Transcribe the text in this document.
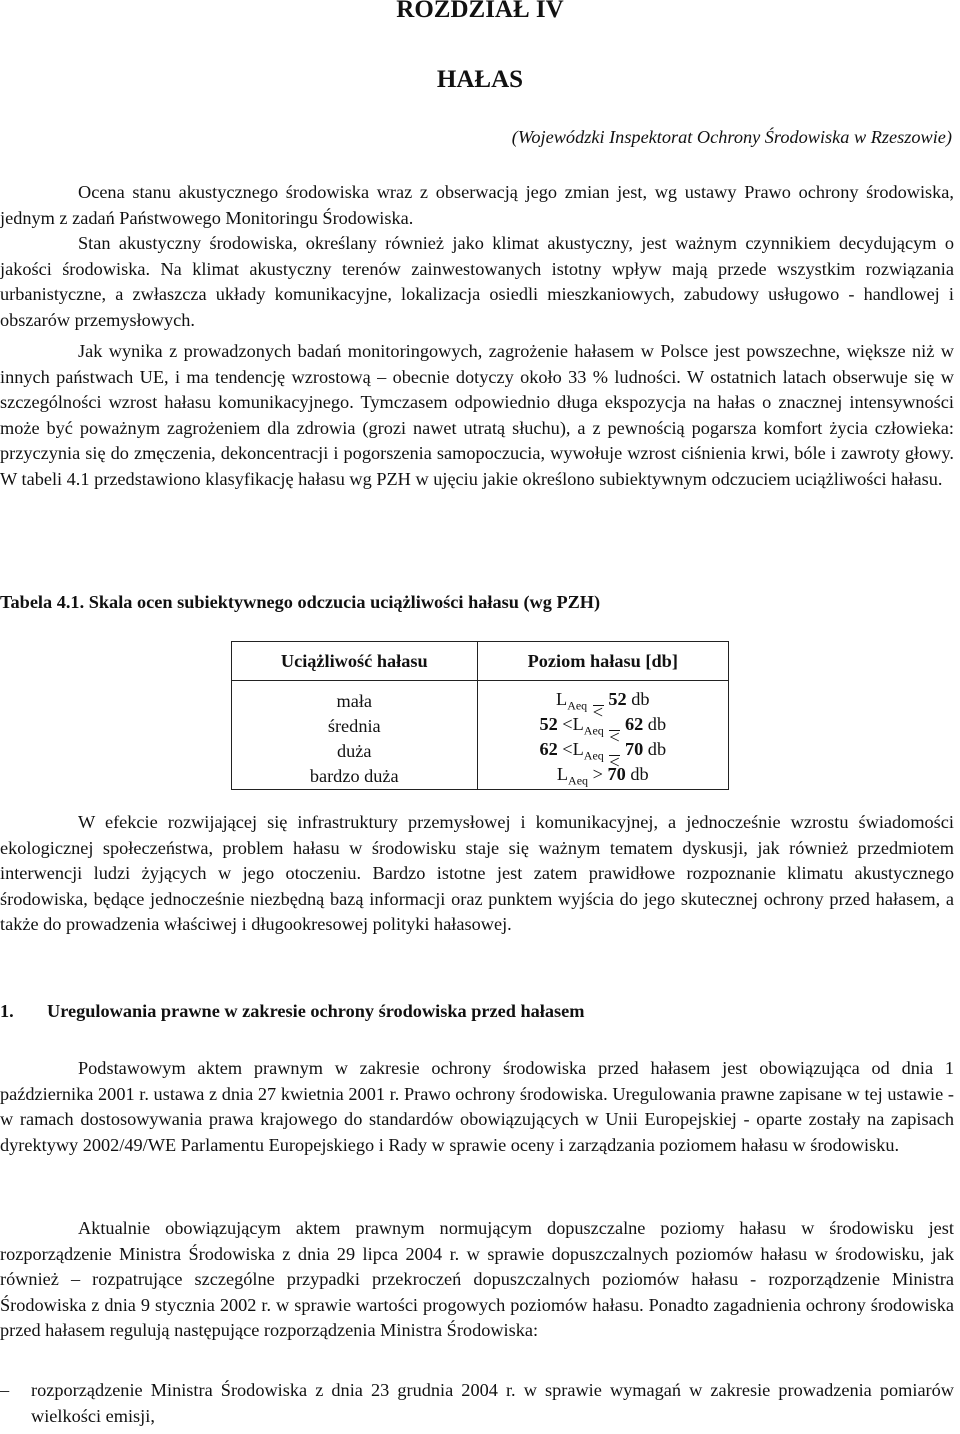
ROZDZIAŁ IV
HAŁAS
(Wojewódzki Inspektorat Ochrony Środowiska w Rzeszowie)

Ocena stanu akustycznego środowiska wraz z obserwacją jego zmian jest, wg ustawy Prawo ochrony środowiska, jednym z zadań Państwowego Monitoringu Środowiska.

Stan akustyczny środowiska, określany również jako klimat akustyczny, jest ważnym czynnikiem decydującym o jakości środowiska. Na klimat akustyczny terenów zainwestowanych istotny wpływ mają przede wszystkim rozwiązania urbanistyczne, a zwłaszcza układy komunikacyjne, lokalizacja osiedli mieszkaniowych, zabudowy usługowo - handlowej i obszarów przemysłowych.

Jak wynika z prowadzonych badań monitoringowych, zagrożenie hałasem w Polsce jest powszechne, większe niż w innych państwach UE, i ma tendencję wzrostową – obecnie dotyczy około 33 % ludności. W ostatnich latach obserwuje się w szczególności wzrost hałasu komunikacyjnego. Tymczasem odpowiednio długa ekspozycja na hałas o znacznej intensywności może być poważnym zagrożeniem dla zdrowia (grozi nawet utratą słuchu), a z pewnością pogarsza komfort życia człowieka: przyczynia się do zmęczenia, dekoncentracji i pogorszenia samopoczucia, wywołuje wzrost ciśnienia krwi, bóle i zawroty głowy. W tabeli 4.1 przedstawiono klasyfikację hałasu wg PZH w ujęciu jakie określono subiektywnym odczuciem uciążliwości hałasu.

Tabela 4.1. Skala ocen subiektywnego odczucia uciążliwości hałasu (wg PZH)
Uciążliwość hałasu	Poziom hałasu [db]

mała	$L_{Aeq}$ 52 db
średnia	$52 <L_{Aeq}$ 62 db
duża	$62 <L_{Aeq}$ 70 db
bardzo duża	$L_{Aeq} > 70$ db
W efekcie rozwijającej się infrastruktury przemysłowej i komunikacyjnej, a jednocześnie wzrostu świadomości ekologicznej społeczeństwa, problem hałasu w środowisku staje się ważnym tematem dyskusji, jak również przedmiotem interwencji ludzi żyjących w jego otoczeniu. Bardzo istotne jest zatem prawidłowe rozpoznanie klimatu akustycznego środowiska, będące jednocześnie niezbędną bazą informacji oraz punktem wyjścia do jego skutecznej ochrony przed hałasem, a także do prowadzenia właściwej i długookresowej polityki hałasowej.
1. Uregulowania prawne w zakresie ochrony środowiska przed hałasem

Podstawowym aktem prawnym w zakresie ochrony środowiska przed hałasem jest obowiązująca od dnia 1 października 2001 r. ustawa z dnia 27 kwietnia 2001 r. Prawo ochrony środowiska. Uregulowania prawne zapisane w tej ustawie - w ramach dostosowywania prawa krajowego do standardów obowiązujących w Unii Europejskiej - oparte zostały na zapisach dyrektywy 2002/49/WE Parlamentu Europejskiego i Rady w sprawie oceny i zarządzania poziomem hałasu w środowisku.

Aktualnie obowiązującym aktem prawnym normującym dopuszczalne poziomy hałasu w środowisku jest rozporządzenie Ministra Środowiska z dnia 29 lipca 2004 r. w sprawie dopuszczalnych poziomów hałasu w środowisku, jak również – rozpatrujące szczególne przypadki przekroczeń dopuszczalnych poziomów hałasu - rozporządzenie Ministra Środowiska z dnia 9 stycznia 2002 r. w sprawie wartości progowych poziomów hałasu. Ponadto zagadnienia ochrony środowiska przed hałasem regulują następujące rozporządzenia Ministra Środowiska:

– rozporządzenie Ministra Środowiska z dnia 23 grudnia 2004 r. w sprawie wymagań w zakresie prowadzenia pomiarów wielkości emisji,
